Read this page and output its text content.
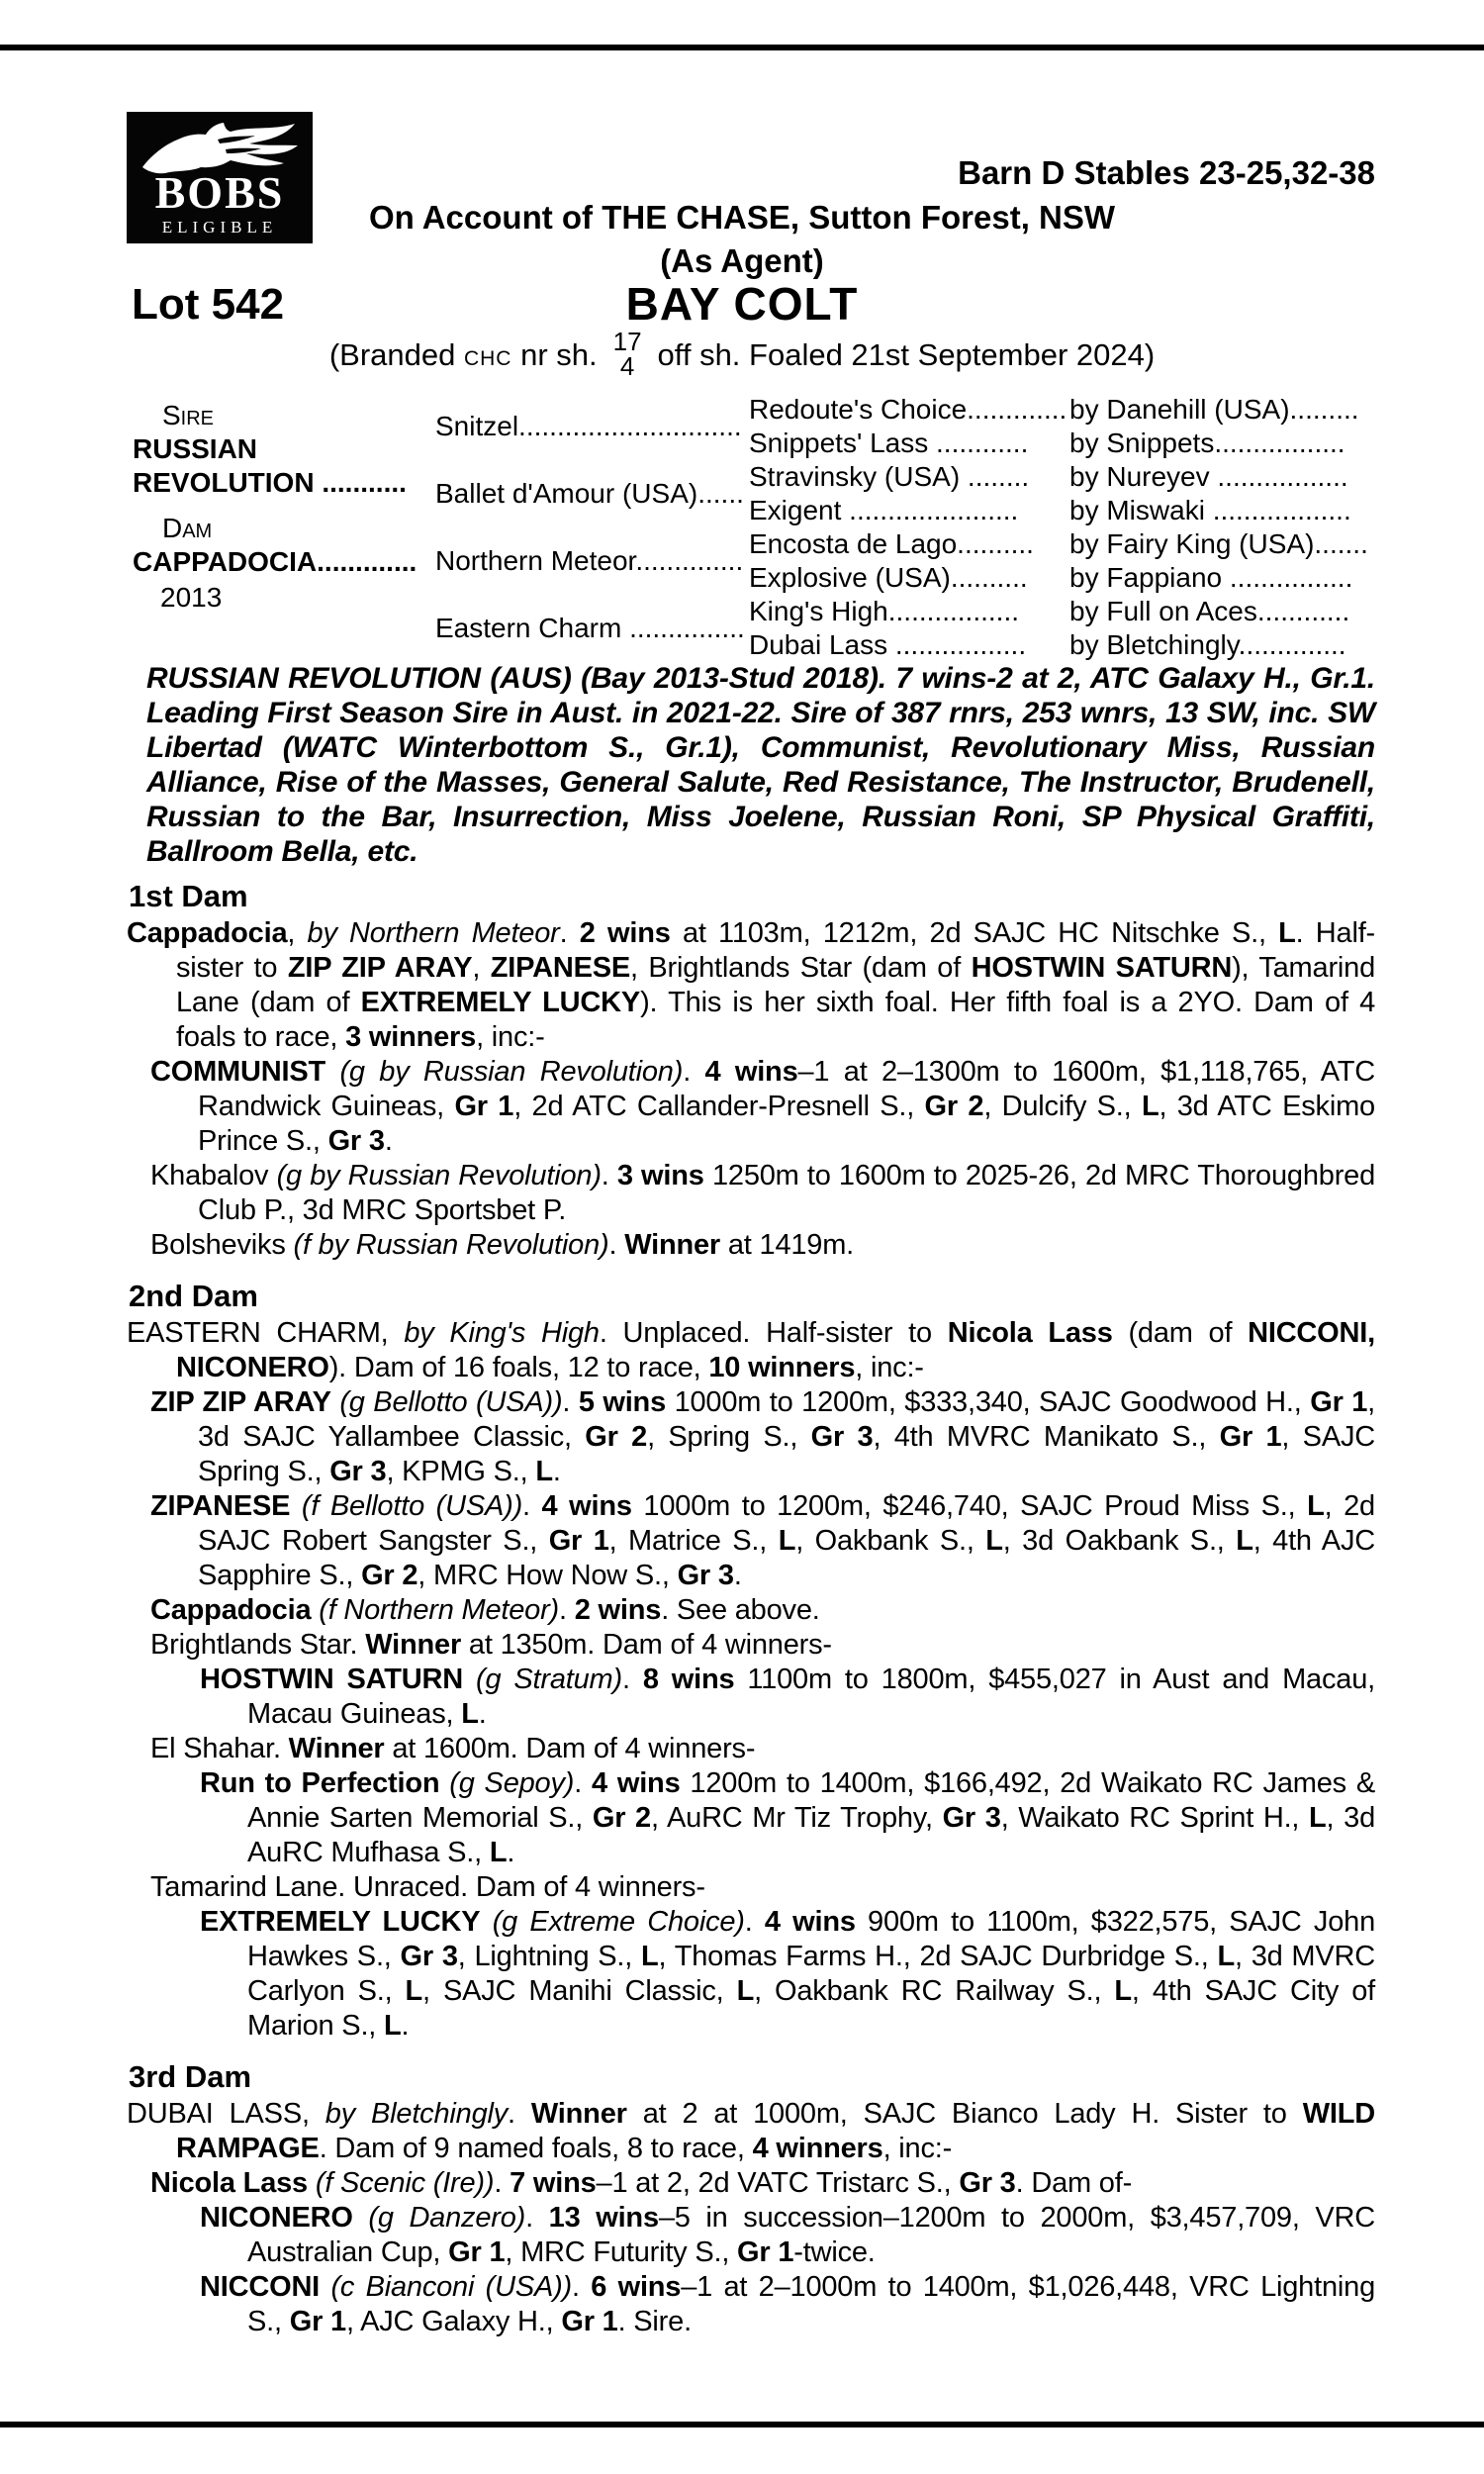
BOBS
ELIGIBLE
Barn D Stables 23-25,32-38
On Account of THE CHASE, Sutton Forest, NSW
(As Agent)
Lot 542	BAY COLT
(Branded CHC nr sh. 17
4 off sh. Foaled 21st September 2024)
Sire
RUSSIAN
REVOLUTION ...........
Dam
CAPPADOCIA.............
2013
Snitzel.............................
Ballet d'Amour (USA)......
Northern Meteor..............
Eastern Charm ...............
Redoute's Choice.............
Snippets' Lass ............
Stravinsky (USA) ........
Exigent ......................
Encosta de Lago..........
Explosive (USA)..........
King's High.................
Dubai Lass .................
by Danehill (USA).........
by Snippets.................
by Nureyev .................
by Miswaki ..................
by Fairy King (USA).......
by Fappiano ................
by Full on Aces............
by Bletchingly..............
RUSSIAN REVOLUTION (AUS) (Bay 2013-Stud 2018). 7 wins-2 at 2, ATC Galaxy H., Gr.1. Leading First Season Sire in Aust. in 2021-22. Sire of 387 rnrs, 253 wnrs, 13 SW, inc. SW Libertad (WATC Winterbottom S., Gr.1), Communist, Revolutionary Miss, Russian Alliance, Rise of the Masses, General Salute, Red Resistance, The Instructor, Brudenell, Russian to the Bar, Insurrection, Miss Joelene, Russian Roni, SP Physical Graffiti, Ballroom Bella, etc.
1st Dam
Cappadocia, by Northern Meteor. 2 wins at 1103m, 1212m, 2d SAJC HC Nitschke S., L. Half-sister to ZIP ZIP ARAY, ZIPANESE, Brightlands Star (dam of HOSTWIN SATURN), Tamarind Lane (dam of EXTREMELY LUCKY). This is her sixth foal. Her fifth foal is a 2YO. Dam of 4 foals to race, 3 winners, inc:-
COMMUNIST (g by Russian Revolution). 4 wins–1 at 2–1300m to 1600m, $1,118,765, ATC Randwick Guineas, Gr 1, 2d ATC Callander-Presnell S., Gr 2, Dulcify S., L, 3d ATC Eskimo Prince S., Gr 3.
Khabalov (g by Russian Revolution). 3 wins 1250m to 1600m to 2025-26, 2d MRC Thoroughbred Club P., 3d MRC Sportsbet P.
Bolsheviks (f by Russian Revolution). Winner at 1419m.
2nd Dam
EASTERN CHARM, by King's High. Unplaced. Half-sister to Nicola Lass (dam of NICCONI, NICONERO). Dam of 16 foals, 12 to race, 10 winners, inc:-
ZIP ZIP ARAY (g Bellotto (USA)). 5 wins 1000m to 1200m, $333,340, SAJC Goodwood H., Gr 1, 3d SAJC Yallambee Classic, Gr 2, Spring S., Gr 3, 4th MVRC Manikato S., Gr 1, SAJC Spring S., Gr 3, KPMG S., L.
ZIPANESE (f Bellotto (USA)). 4 wins 1000m to 1200m, $246,740, SAJC Proud Miss S., L, 2d SAJC Robert Sangster S., Gr 1, Matrice S., L, Oakbank S., L, 3d Oakbank S., L, 4th AJC Sapphire S., Gr 2, MRC How Now S., Gr 3.
Cappadocia (f Northern Meteor). 2 wins. See above.
Brightlands Star. Winner at 1350m. Dam of 4 winners-
HOSTWIN SATURN (g Stratum). 8 wins 1100m to 1800m, $455,027 in Aust and Macau, Macau Guineas, L.
El Shahar. Winner at 1600m. Dam of 4 winners-
Run to Perfection (g Sepoy). 4 wins 1200m to 1400m, $166,492, 2d Waikato RC James & Annie Sarten Memorial S., Gr 2, AuRC Mr Tiz Trophy, Gr 3, Waikato RC Sprint H., L, 3d AuRC Mufhasa S., L.
Tamarind Lane. Unraced. Dam of 4 winners-
EXTREMELY LUCKY (g Extreme Choice). 4 wins 900m to 1100m, $322,575, SAJC John Hawkes S., Gr 3, Lightning S., L, Thomas Farms H., 2d SAJC Durbridge S., L, 3d MVRC Carlyon S., L, SAJC Manihi Classic, L, Oakbank RC Railway S., L, 4th SAJC City of Marion S., L.
3rd Dam
DUBAI LASS, by Bletchingly. Winner at 2 at 1000m, SAJC Bianco Lady H. Sister to WILD RAMPAGE. Dam of 9 named foals, 8 to race, 4 winners, inc:-
Nicola Lass (f Scenic (Ire)). 7 wins–1 at 2, 2d VATC Tristarc S., Gr 3. Dam of-
NICONERO (g Danzero). 13 wins–5 in succession–1200m to 2000m, $3,457,709, VRC Australian Cup, Gr 1, MRC Futurity S., Gr 1-twice.
NICCONI (c Bianconi (USA)). 6 wins–1 at 2–1000m to 1400m, $1,026,448, VRC Lightning S., Gr 1, AJC Galaxy H., Gr 1. Sire.
